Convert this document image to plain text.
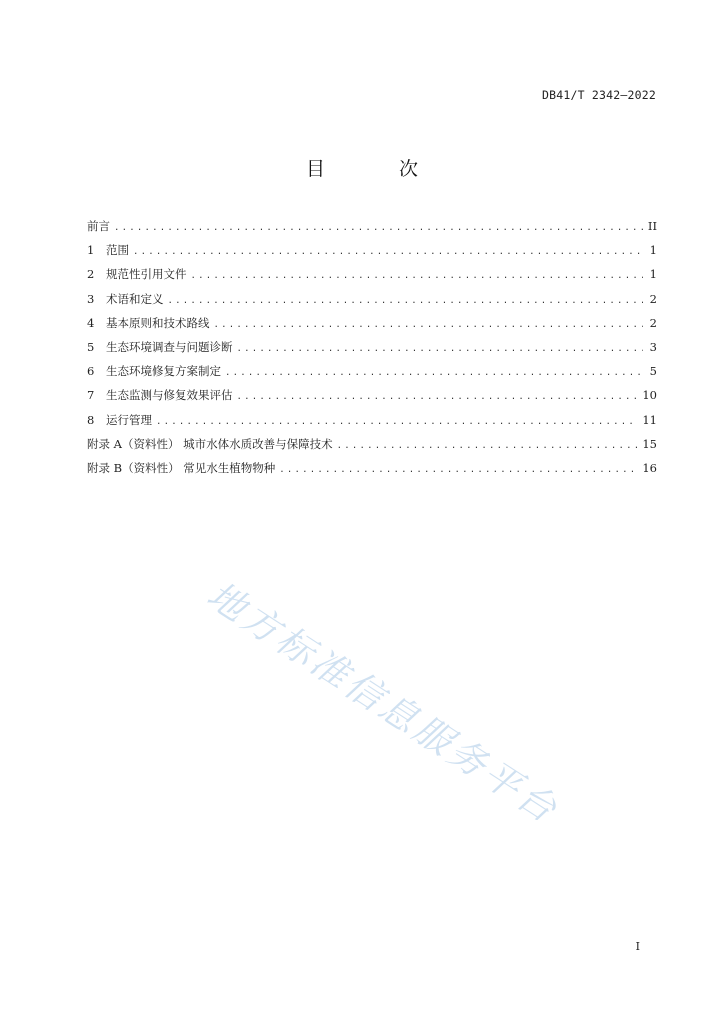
DB41/T 2342—2022
目 次
前言 .....	II
1	范围 .....	1
2	规范性引用文件 .....	1
3	术语和定义 .....	2
4	基本原则和技术路线 .....	2
5	生态环境调查与问题诊断 .....	3
6	生态环境修复方案制定 .....	5
7	生态监测与修复效果评估 .....	10
8	运行管理 .....	11
附录 A（资料性） 城市水体水质改善与保障技术 .....	15
附录 B（资料性） 常见水生植物物种 .....	16
地方标准信息服务平台
I
